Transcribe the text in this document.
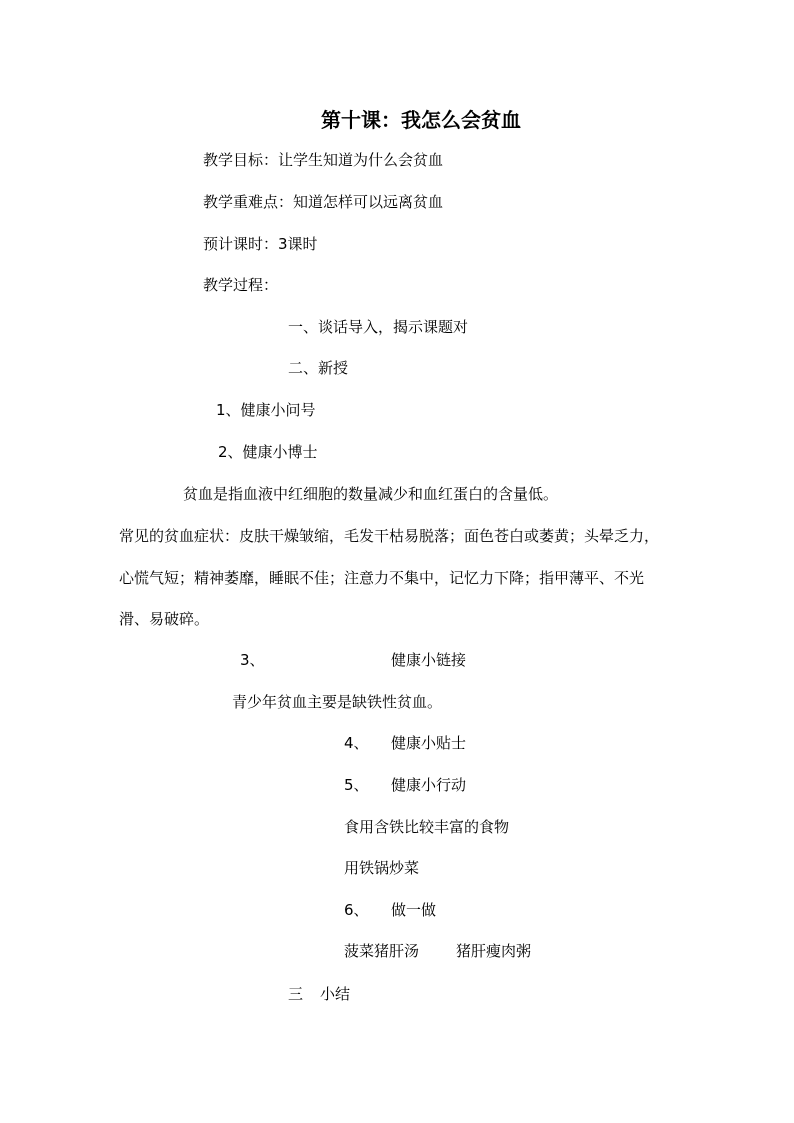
第十课：我怎么会贫血
教学目标：让学生知道为什么会贫血
教学重难点：知道怎样可以远离贫血
预计课时：3课时
教学过程：
一、谈话导入，揭示课题对
二、新授
1、健康小问号
2、健康小博士
贫血是指血液中红细胞的数量减少和血红蛋白的含量低。
常见的贫血症状：皮肤干燥皱缩，毛发干枯易脱落；面色苍白或萎黄；头晕乏力，
心慌气短；精神萎靡，睡眠不佳；注意力不集中，记忆力下降；指甲薄平、不光
滑、易破碎。
3、	健康小链接
青少年贫血主要是缺铁性贫血。
4、 健康小贴士
5、 健康小行动
食用含铁比较丰富的食物
用铁锅炒菜
6、 做一做
菠菜猪肝汤 猪肝瘦肉粥
三 小结
